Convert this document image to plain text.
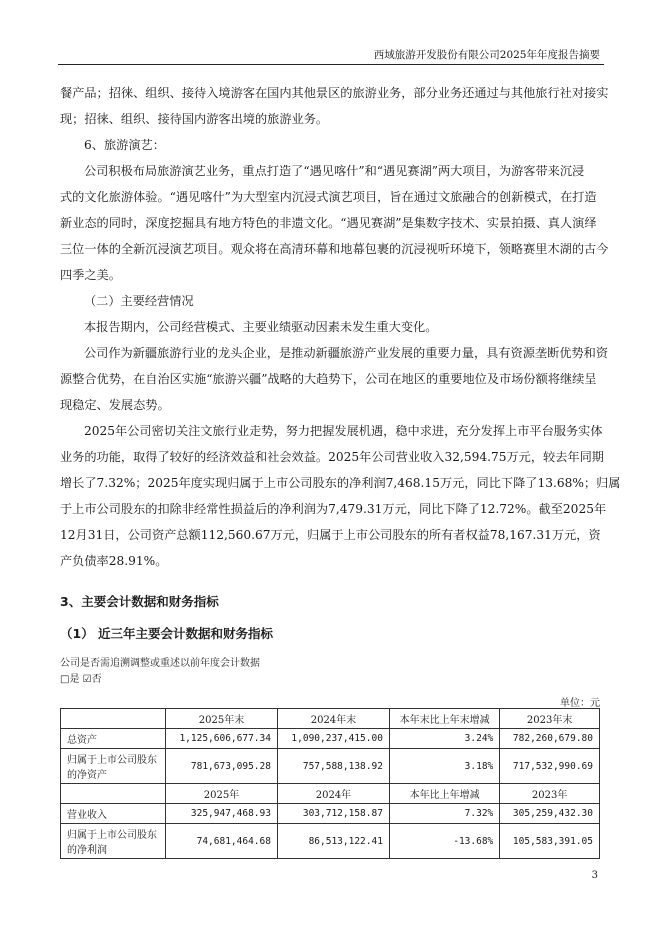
西域旅游开发股份有限公司2025年年度报告摘要

餐产品；招徕、组织、接待入境游客在国内其他景区的旅游业务，部分业务还通过与其他旅行社对接实

现；招徕、组织、接待国内游客出境的旅游业务。

6、旅游演艺：

公司积极布局旅游演艺业务，重点打造了“遇见喀什”和“遇见赛湖”两大项目，为游客带来沉浸

式的文化旅游体验。“遇见喀什”为大型室内沉浸式演艺项目，旨在通过文旅融合的创新模式，在打造

新业态的同时，深度挖掘具有地方特色的非遗文化。“遇见赛湖”是集数字技术、实景拍摄、真人演绎

三位一体的全新沉浸演艺项目。观众将在高清环幕和地幕包裹的沉浸视听环境下，领略赛里木湖的古今

四季之美。

（二）主要经营情况

本报告期内，公司经营模式、主要业绩驱动因素未发生重大变化。

公司作为新疆旅游行业的龙头企业，是推动新疆旅游产业发展的重要力量，具有资源垄断优势和资

源整合优势，在自治区实施“旅游兴疆”战略的大趋势下，公司在地区的重要地位及市场份额将继续呈

现稳定、发展态势。

2025年公司密切关注文旅行业走势，努力把握发展机遇，稳中求进，充分发挥上市平台服务实体

业务的功能，取得了较好的经济效益和社会效益。2025年公司营业收入32,594.75万元，较去年同期

增长了7.32%；2025年度实现归属于上市公司股东的净利润7,468.15万元，同比下降了13.68%；归属

于上市公司股东的扣除非经常性损益后的净利润为7,479.31万元，同比下降了12.72%。截至2025年

12月31日，公司资产总额112,560.67万元，归属于上市公司股东的所有者权益78,167.31万元，资

产负债率28.91%。

3、主要会计数据和财务指标
（1） 近三年主要会计数据和财务指标
公司是否需追溯调整或重述以前年度会计数据
□是 ☑否
单位：元
	2025年末	2024年末	本年末比上年末增减	2023年末
总资产	1,125,606,677.34	1,090,237,415.00	3.24%	782,260,679.80
归属于上市公司股东的净资产	781,673,095.28	757,588,138.92	3.18%	717,532,990.69
	2025年	2024年	本年比上年增减	2023年
营业收入	325,947,468.93	303,712,158.87	7.32%	305,259,432.30
归属于上市公司股东的净利润	74,681,464.68	86,513,122.41	-13.68%	105,583,391.05
3
